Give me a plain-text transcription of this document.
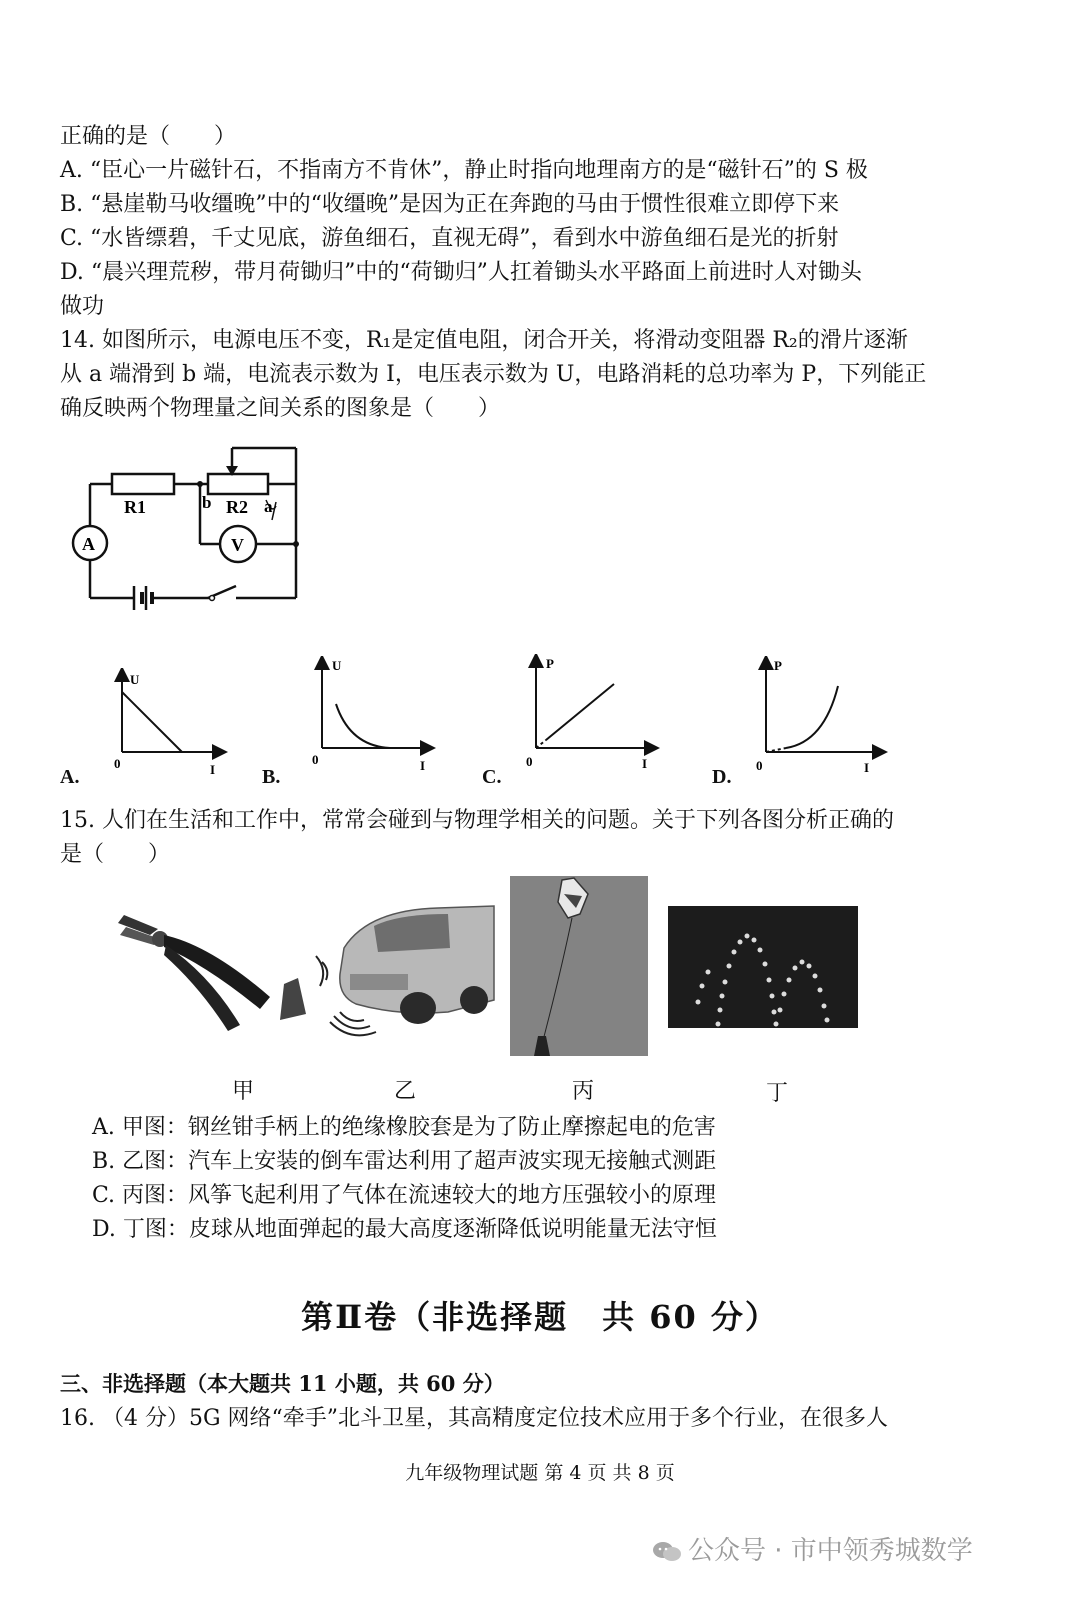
正确的是（　　）
A. “臣心一片磁针石，不指南方不肯休”，静止时指向地理南方的是“磁针石”的 S 极
B. “悬崖勒马收缰晚”中的“收缰晚”是因为正在奔跑的马由于惯性很难立即停下来
C. “水皆缥碧，千丈见底，游鱼细石，直视无碍”，看到水中游鱼细石是光的折射
D. “晨兴理荒秽，带月荷锄归”中的“荷锄归”人扛着锄头水平路面上前进时人对锄头
做功
14. 如图所示，电源电压不变，R₁是定值电阻，闭合开关，将滑动变阻器 R₂的滑片逐渐
从 a 端滑到 b 端，电流表示数为 I，电压表示数为 U，电路消耗的总功率为 P，下列能正
确反映两个物理量之间关系的图象是（　　）
R1	R2
b	a
A	V
U
0	I
A.
U
0	I
B.
P
0	I
C.
P
0	I
D.
15. 人们在生活和工作中，常常会碰到与物理学相关的问题。关于下列各图分析正确的
是（　　）
甲	乙	丙	丁
A. 甲图：钢丝钳手柄上的绝缘橡胶套是为了防止摩擦起电的危害
B. 乙图：汽车上安装的倒车雷达利用了超声波实现无接触式测距
C. 丙图：风筝飞起利用了气体在流速较大的地方压强较小的原理
D. 丁图：皮球从地面弹起的最大高度逐渐降低说明能量无法守恒
第Ⅱ卷（非选择题　共 60 分）
三、非选择题（本大题共 11 小题，共 60 分）
16. （4 分）5G 网络“牵手”北斗卫星，其高精度定位技术应用于多个行业，在很多人
九年级物理试题 第 4 页 共 8 页
公众号 · 市中领秀城数学
